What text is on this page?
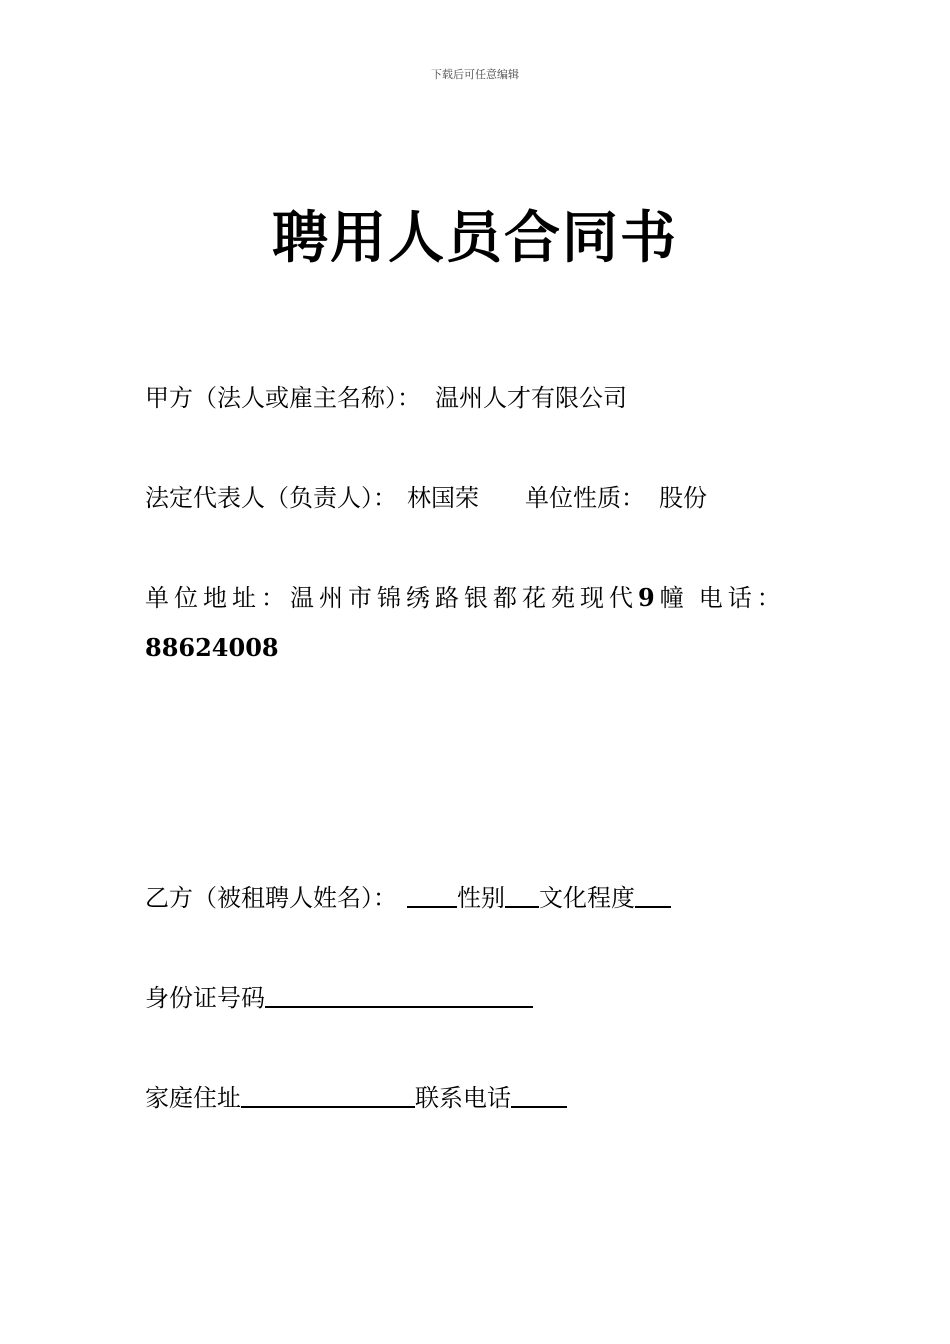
下载后可任意编辑
聘用人员合同书
甲方（法人或雇主名称）： 温州人才有限公司
法定代表人（负责人）： 林国荣 单位性质： 股份
单位地址：温州市锦绣路银都花苑现代9幢 电话：
88624008
乙方（被租聘人姓名）：	性别 文化程度
身份证号码
家庭住址	联系电话
